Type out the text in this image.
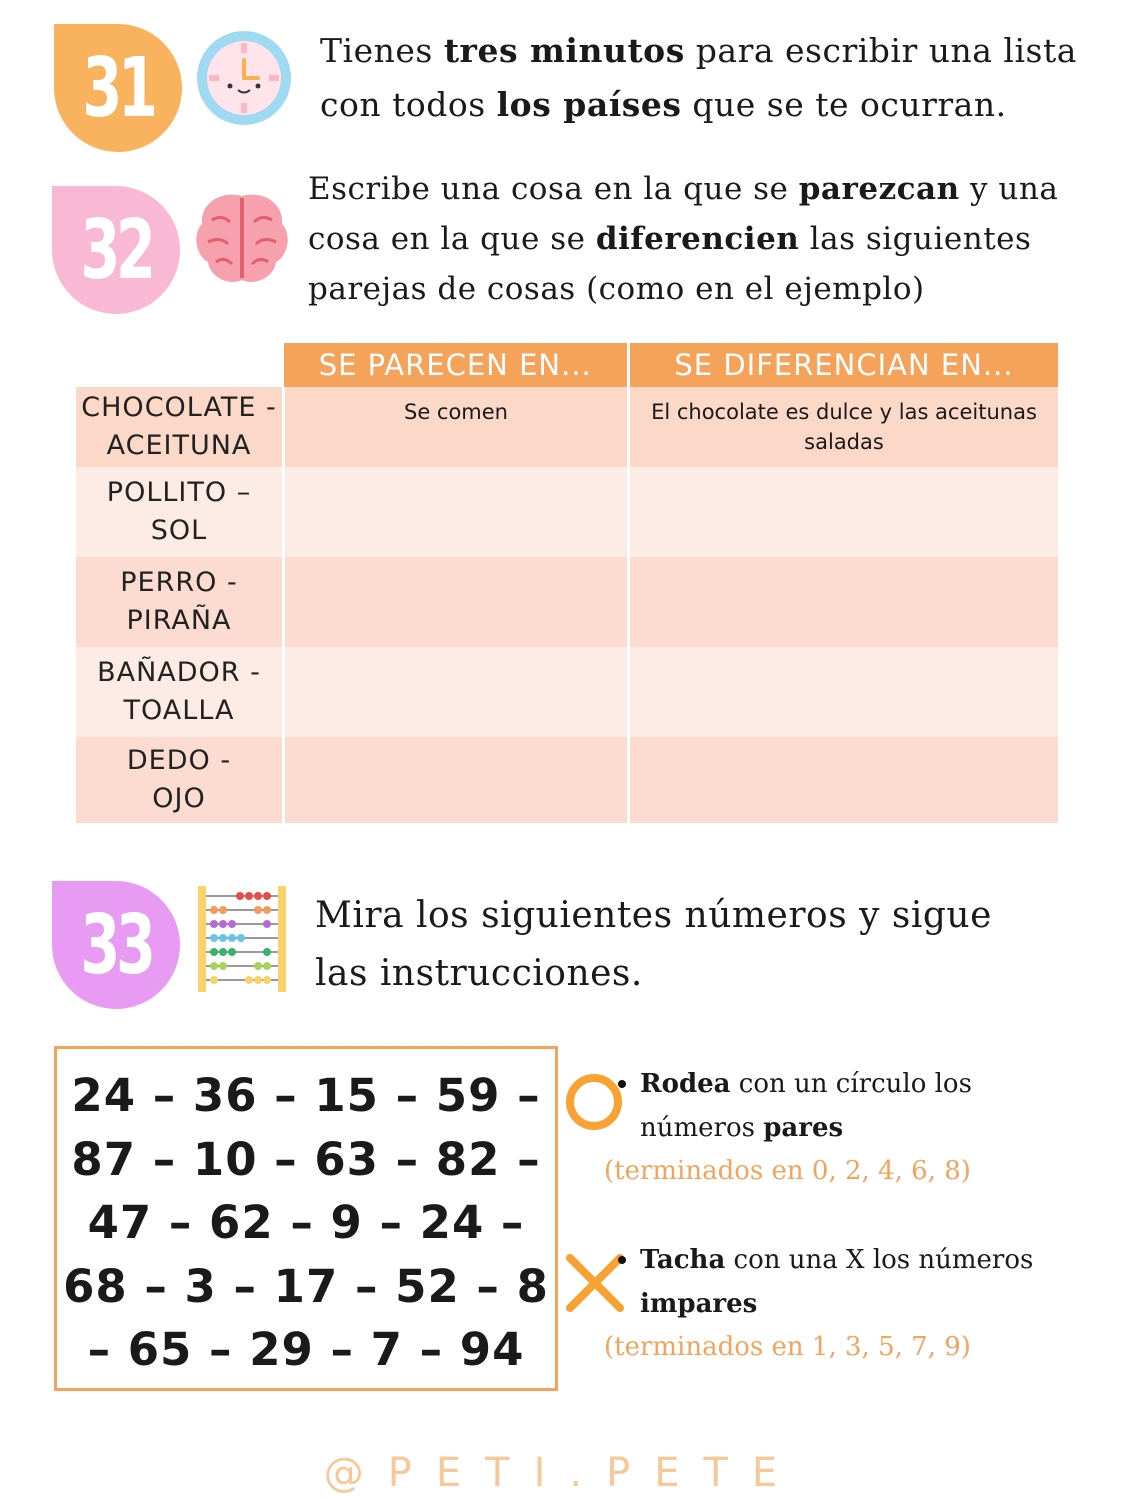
31	Tienes tres minutos para escribir una lista con todos los países que se te ocurran.
32
Escribe una cosa en la que se parezcan y una cosa en la que se diferencien las siguientes parejas de cosas (como en el ejemplo)
	SE PARECEN EN...	SE DIFERENCIAN EN...

CHOCOLATE -
ACEITUNA	Se comen	El chocolate es dulce y las aceitunas saladas

POLLITO –
SOL		

PERRO -
PIRAÑA		

BAÑADOR -
TOALLA		

DEDO -
OJO		

33	Mira los siguientes números y sigue las instrucciones.
24 – 36 – 15 – 59 –
87 – 10 – 63 – 82 –
47 – 62 – 9 – 24 –
68 – 3 – 17 – 52 – 8
– 65 – 29 – 7 – 94
Rodea con un círculo los números pares
(terminados en 0, 2, 4, 6, 8)
Tacha con una X los números impares
(terminados en 1, 3, 5, 7, 9)
@PETI.PETE
